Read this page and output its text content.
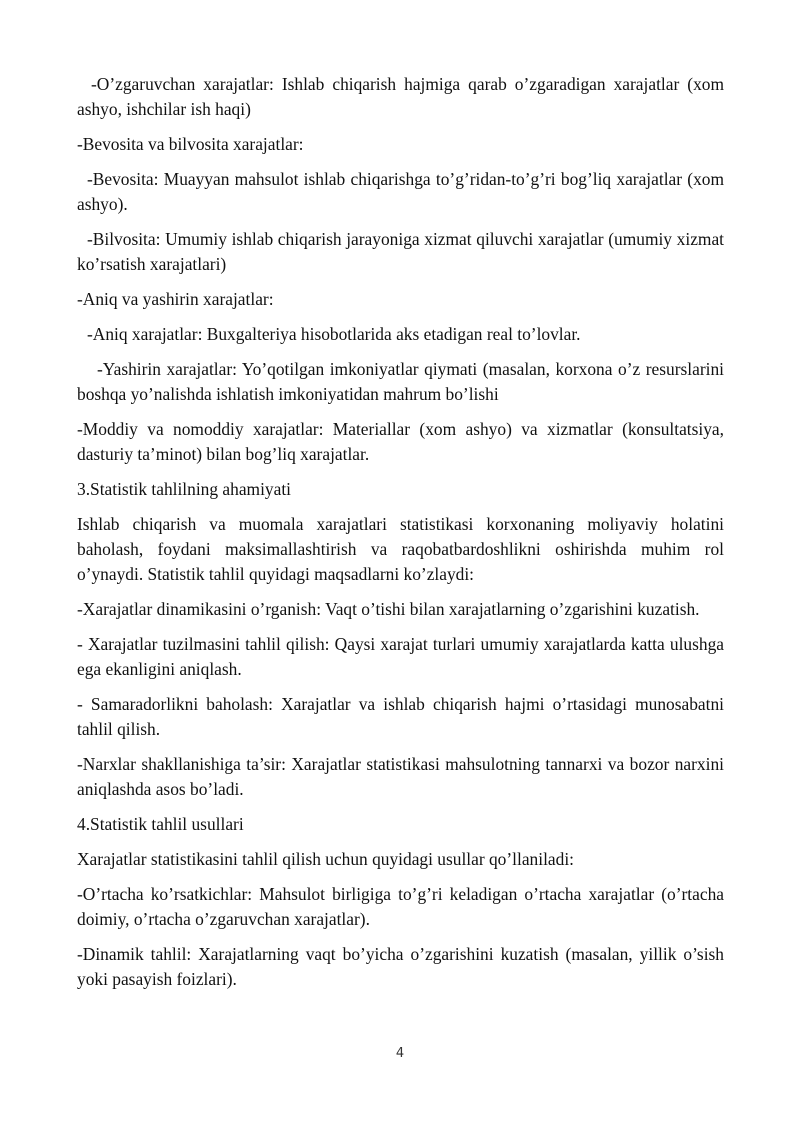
-O’zgaruvchan xarajatlar: Ishlab chiqarish hajmiga qarab o’zgaradigan xarajatlar (xom ashyo, ishchilar ish haqi)

-Bevosita va bilvosita xarajatlar:

-Bevosita: Muayyan mahsulot ishlab chiqarishga to’g’ridan-to’g’ri bog’liq xarajatlar (xom ashyo).

-Bilvosita: Umumiy ishlab chiqarish jarayoniga xizmat qiluvchi xarajatlar (umumiy xizmat ko’rsatish xarajatlari)

-Aniq va yashirin xarajatlar:

-Aniq xarajatlar: Buxgalteriya hisobotlarida aks etadigan real to’lovlar.

-Yashirin xarajatlar: Yo’qotilgan imkoniyatlar qiymati (masalan, korxona o’z resurslarini boshqa yo’nalishda ishlatish imkoniyatidan mahrum bo’lishi

-Moddiy va nomoddiy xarajatlar: Materiallar (xom ashyo) va xizmatlar (konsultatsiya, dasturiy ta’minot) bilan bog’liq xarajatlar.

3.Statistik tahlilning ahamiyati

Ishlab chiqarish va muomala xarajatlari statistikasi korxonaning moliyaviy holatini baholash, foydani maksimallashtirish va raqobatbardoshlikni oshirishda muhim rol o’ynaydi. Statistik tahlil quyidagi maqsadlarni ko’zlaydi:

-Xarajatlar dinamikasini o’rganish: Vaqt o’tishi bilan xarajatlarning o’zgarishini kuzatish.

- Xarajatlar tuzilmasini tahlil qilish: Qaysi xarajat turlari umumiy xarajatlarda katta ulushga ega ekanligini aniqlash.

- Samaradorlikni baholash: Xarajatlar va ishlab chiqarish hajmi o’rtasidagi munosabatni tahlil qilish.

-Narxlar shakllanishiga ta’sir: Xarajatlar statistikasi mahsulotning tannarxi va bozor narxini aniqlashda asos bo’ladi.

4.Statistik tahlil usullari

Xarajatlar statistikasini tahlil qilish uchun quyidagi usullar qo’llaniladi:

-O’rtacha ko’rsatkichlar: Mahsulot birligiga to’g’ri keladigan o’rtacha xarajatlar (o’rtacha doimiy, o’rtacha o’zgaruvchan xarajatlar).

-Dinamik tahlil: Xarajatlarning vaqt bo’yicha o’zgarishini kuzatish (masalan, yillik o’sish yoki pasayish foizlari).

4
